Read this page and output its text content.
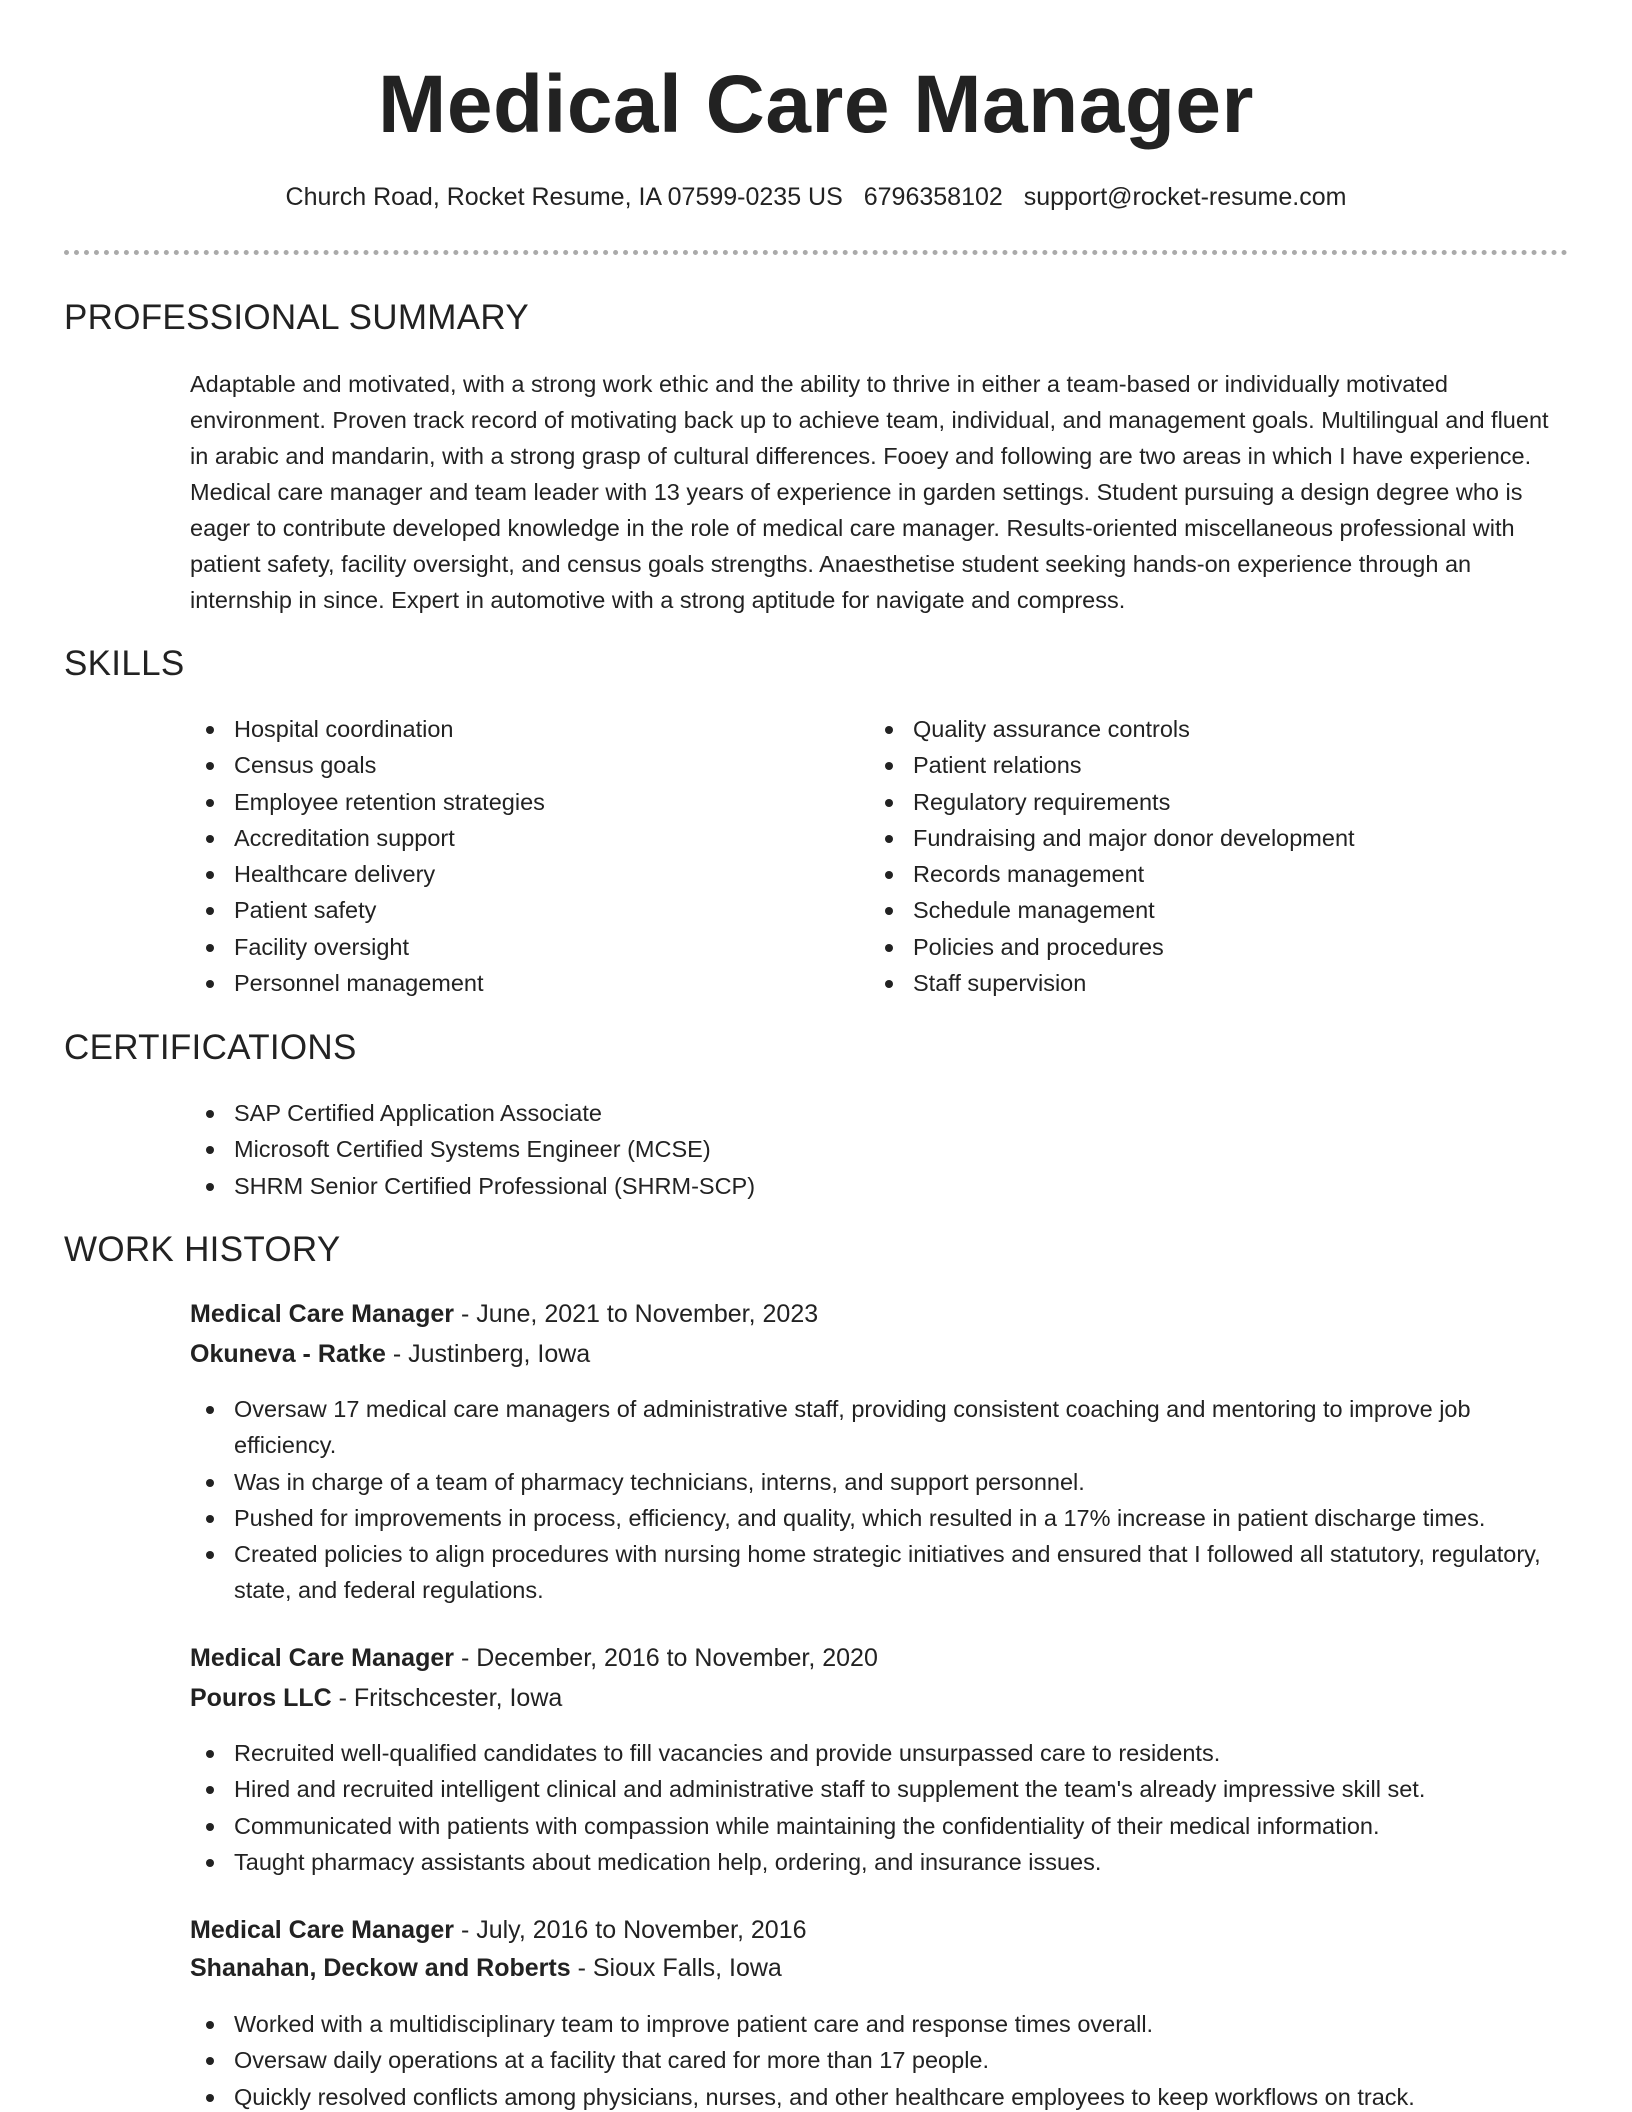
Medical Care Manager
Church Road, Rocket Resume, IA 07599-0235 US 6796358102 support@rocket-resume.com
PROFESSIONAL SUMMARY

Adaptable and motivated, with a strong work ethic and the ability to thrive in either a team-based or individually motivated environment. Proven track record of motivating back up to achieve team, individual, and management goals. Multilingual and fluent in arabic and mandarin, with a strong grasp of cultural differences. Fooey and following are two areas in which I have experience. Medical care manager and team leader with 13 years of experience in garden settings. Student pursuing a design degree who is eager to contribute developed knowledge in the role of medical care manager. Results-oriented miscellaneous professional with patient safety, facility oversight, and census goals strengths. Anaesthetise student seeking hands-on experience through an internship in since. Expert in automotive with a strong aptitude for navigate and compress.

SKILLS
Hospital coordination
Census goals
Employee retention strategies
Accreditation support
Healthcare delivery
Patient safety
Facility oversight
Personnel management
Quality assurance controls
Patient relations
Regulatory requirements
Fundraising and major donor development
Records management
Schedule management
Policies and procedures
Staff supervision
CERTIFICATIONS
SAP Certified Application Associate
Microsoft Certified Systems Engineer (MCSE)
SHRM Senior Certified Professional (SHRM-SCP)
WORK HISTORY
Medical Care Manager - June, 2021 to November, 2023
Okuneva - Ratke - Justinberg, Iowa
Oversaw 17 medical care managers of administrative staff, providing consistent coaching and mentoring to improve job efficiency.
Was in charge of a team of pharmacy technicians, interns, and support personnel.
Pushed for improvements in process, efficiency, and quality, which resulted in a 17% increase in patient discharge times.
Created policies to align procedures with nursing home strategic initiatives and ensured that I followed all statutory, regulatory, state, and federal regulations.
Medical Care Manager - December, 2016 to November, 2020
Pouros LLC - Fritschcester, Iowa
Recruited well-qualified candidates to fill vacancies and provide unsurpassed care to residents.
Hired and recruited intelligent clinical and administrative staff to supplement the team's already impressive skill set.
Communicated with patients with compassion while maintaining the confidentiality of their medical information.
Taught pharmacy assistants about medication help, ordering, and insurance issues.
Medical Care Manager - July, 2016 to November, 2016
Shanahan, Deckow and Roberts - Sioux Falls, Iowa
Worked with a multidisciplinary team to improve patient care and response times overall.
Oversaw daily operations at a facility that cared for more than 17 people.
Quickly resolved conflicts among physicians, nurses, and other healthcare employees to keep workflows on track.
